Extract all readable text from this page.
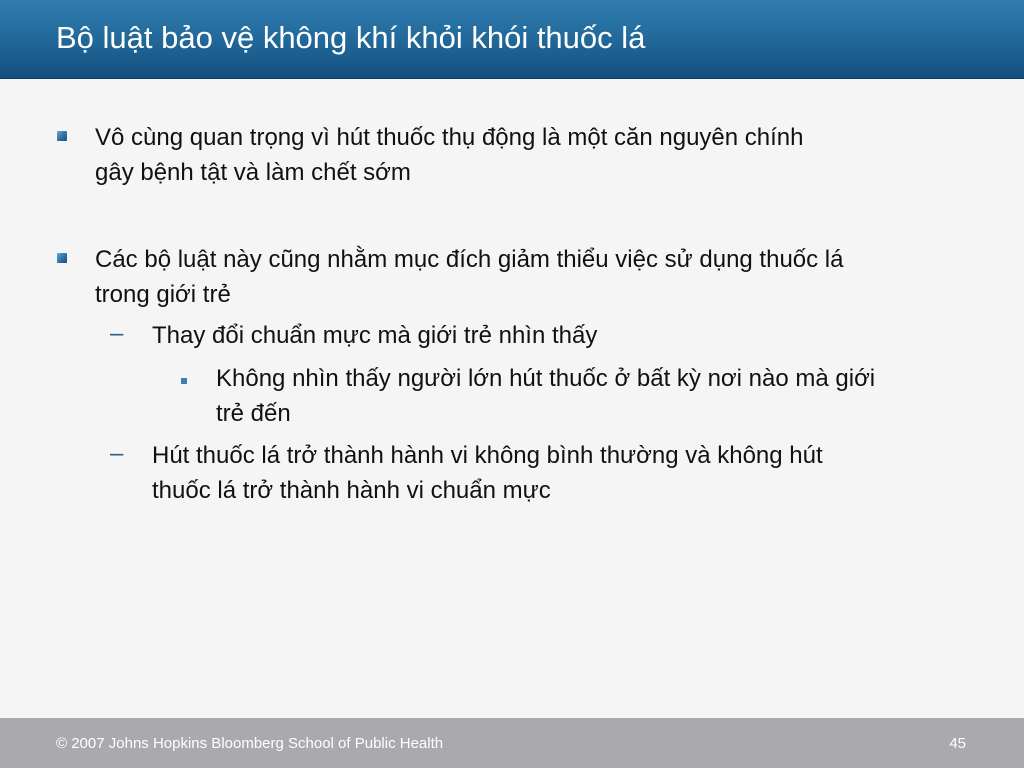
Bộ luật bảo vệ không khí khỏi khói thuốc lá
Vô cùng quan trọng vì hút thuốc thụ động là một căn nguyên chính
gây bệnh tật và làm chết sớm
Các bộ luật này cũng nhằm mục đích giảm thiểu việc sử dụng thuốc lá
trong giới trẻ
– Thay đổi chuẩn mực mà giới trẻ nhìn thấy
Không nhìn thấy người lớn hút thuốc ở bất kỳ nơi nào mà giới
trẻ đến
– Hút thuốc lá trở thành hành vi không bình thường và không hút
thuốc lá trở thành hành vi chuẩn mực
© 2007 Johns Hopkins Bloomberg School of Public Health	45
